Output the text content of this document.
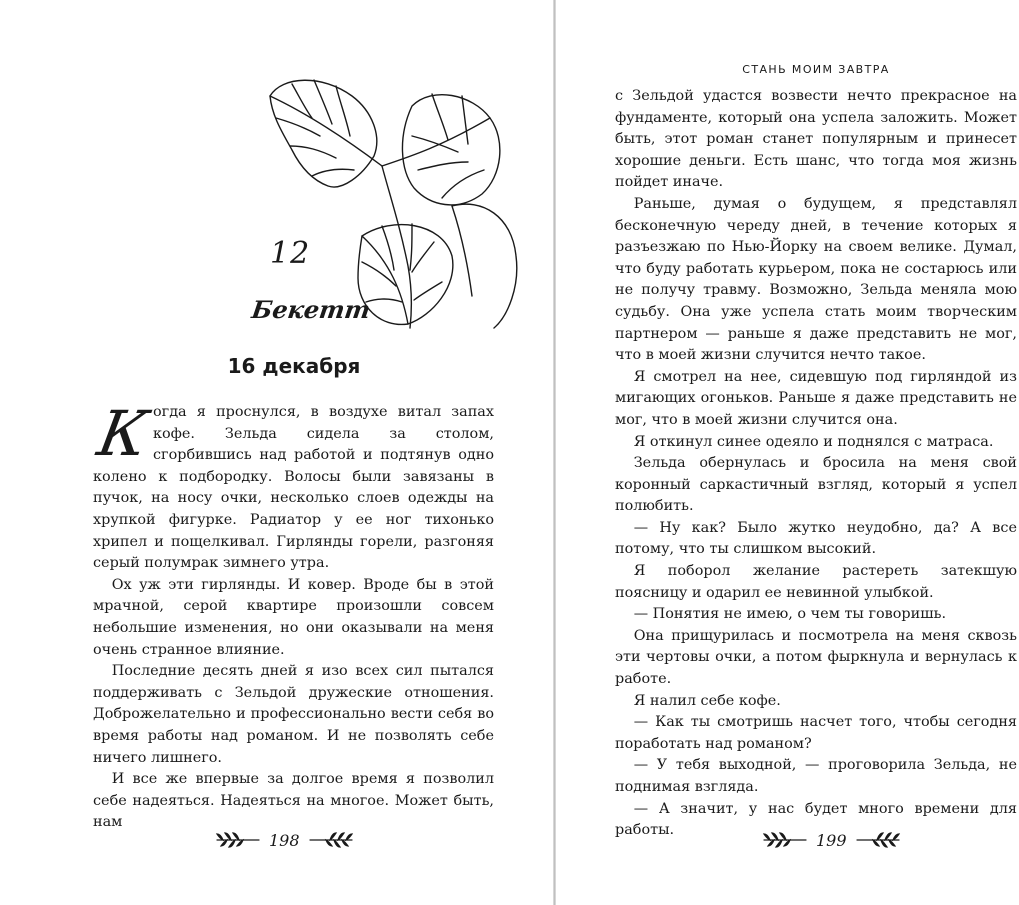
12
Бекетт
16 декабря

Когда я проснулся, в воздухе витал запах кофе. Зельда сидела за столом, сгорбившись над работой и подтянув одно колено к подбородку. Волосы были завязаны в пучок, на носу очки, несколько слоев одежды на хрупкой фигурке. Радиатор у ее ног тихонько хрипел и пощелкивал. Гирлянды горели, разгоняя серый полумрак зимнего утра.

Ох уж эти гирлянды. И ковер. Вроде бы в этой мрачной, серой квартире произошли совсем небольшие изменения, но они оказывали на меня очень странное влияние.

Последние десять дней я изо всех сил пытался поддерживать с Зельдой дружеские отношения. Доброжелательно и профессионально вести себя во время работы над романом. И не позволять себе ничего лишнего.

И все же впервые за долгое время я позволил себе надеяться. Надеяться на многое. Может быть, нам

СТАНЬ МОИМ ЗАВТРА

с Зельдой удастся возвести нечто прекрасное на фундаменте, который она успела заложить. Может быть, этот роман станет популярным и принесет хорошие деньги. Есть шанс, что тогда моя жизнь пойдет иначе.

Раньше, думая о будущем, я представлял бесконечную череду дней, в течение которых я разъезжаю по Нью-Йорку на своем велике. Думал, что буду работать курьером, пока не состарюсь или не получу травму. Возможно, Зельда меняла мою судьбу. Она уже успела стать моим творческим партнером — раньше я даже представить не мог, что в моей жизни случится нечто такое.

Я смотрел на нее, сидевшую под гирляндой из мигающих огоньков. Раньше я даже представить не мог, что в моей жизни случится она.

Я откинул синее одеяло и поднялся с матраса.

Зельда обернулась и бросила на меня свой коронный саркастичный взгляд, который я успел полюбить.

— Ну как? Было жутко неудобно, да? А все потому, что ты слишком высокий.

Я поборол желание растереть затекшую поясницу и одарил ее невинной улыбкой.

— Понятия не имею, о чем ты говоришь.

Она прищурилась и посмотрела на меня сквозь эти чертовы очки, а потом фыркнула и вернулась к работе.

Я налил себе кофе.

— Как ты смотришь насчет того, чтобы сегодня поработать над романом?

— У тебя выходной, — проговорила Зельда, не поднимая взгляда.

— А значит, у нас будет много времени для работы.

198	199
